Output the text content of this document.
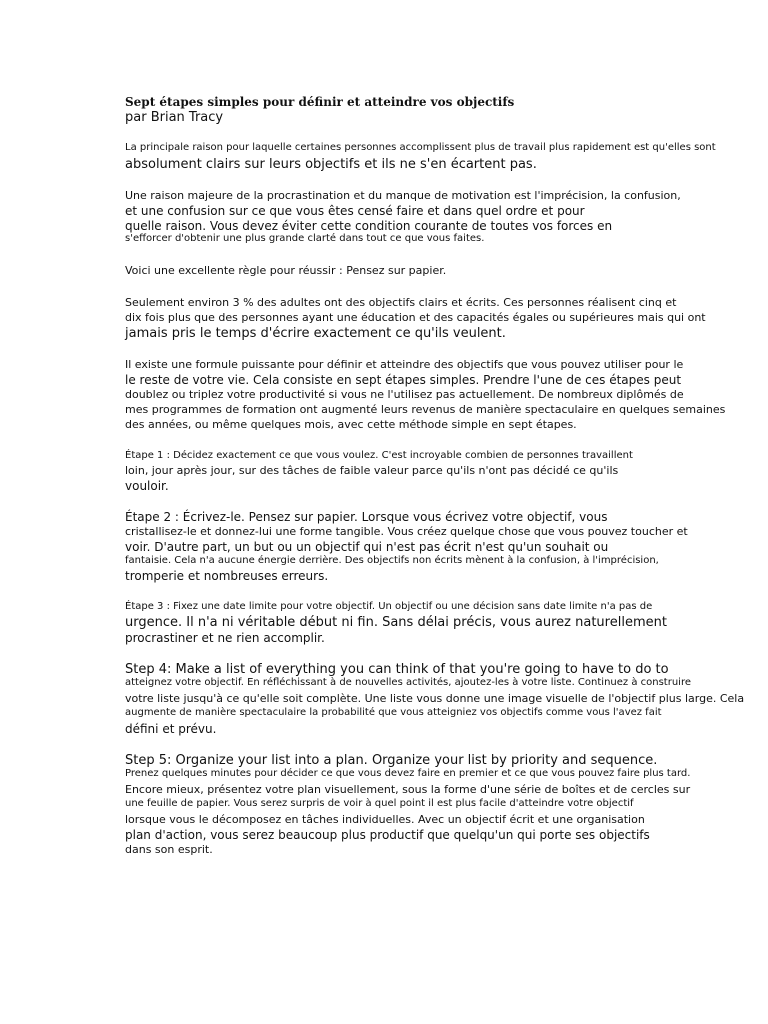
Sept étapes simples pour définir et atteindre vos objectifs

par Brian Tracy

La principale raison pour laquelle certaines personnes accomplissent plus de travail plus rapidement est qu'elles sont

absolument clairs sur leurs objectifs et ils ne s'en écartent pas.

Une raison majeure de la procrastination et du manque de motivation est l'imprécision, la confusion,

et une confusion sur ce que vous êtes censé faire et dans quel ordre et pour

quelle raison. Vous devez éviter cette condition courante de toutes vos forces en

s'efforcer d'obtenir une plus grande clarté dans tout ce que vous faites.

Voici une excellente règle pour réussir : Pensez sur papier.

Seulement environ 3 % des adultes ont des objectifs clairs et écrits. Ces personnes réalisent cinq et

dix fois plus que des personnes ayant une éducation et des capacités égales ou supérieures mais qui ont

jamais pris le temps d'écrire exactement ce qu'ils veulent.

Il existe une formule puissante pour définir et atteindre des objectifs que vous pouvez utiliser pour le

le reste de votre vie. Cela consiste en sept étapes simples. Prendre l'une de ces étapes peut

doublez ou triplez votre productivité si vous ne l'utilisez pas actuellement. De nombreux diplômés de

mes programmes de formation ont augmenté leurs revenus de manière spectaculaire en quelques semaines

des années, ou même quelques mois, avec cette méthode simple en sept étapes.

Étape 1 : Décidez exactement ce que vous voulez. C'est incroyable combien de personnes travaillent

loin, jour après jour, sur des tâches de faible valeur parce qu'ils n'ont pas décidé ce qu'ils

vouloir.

Étape 2 : Écrivez-le. Pensez sur papier. Lorsque vous écrivez votre objectif, vous

cristallisez-le et donnez-lui une forme tangible. Vous créez quelque chose que vous pouvez toucher et

voir. D'autre part, un but ou un objectif qui n'est pas écrit n'est qu'un souhait ou

fantaisie. Cela n'a aucune énergie derrière. Des objectifs non écrits mènent à la confusion, à l'imprécision,

tromperie et nombreuses erreurs.

Étape 3 : Fixez une date limite pour votre objectif. Un objectif ou une décision sans date limite n'a pas de

urgence. Il n'a ni véritable début ni fin. Sans délai précis, vous aurez naturellement

procrastiner et ne rien accomplir.

Step 4: Make a list of everything you can think of that you're going to have to do to

atteignez votre objectif. En réfléchissant à de nouvelles activités, ajoutez-les à votre liste. Continuez à construire

votre liste jusqu'à ce qu'elle soit complète. Une liste vous donne une image visuelle de l'objectif plus large. Cela

augmente de manière spectaculaire la probabilité que vous atteigniez vos objectifs comme vous l'avez fait

défini et prévu.

Step 5: Organize your list into a plan. Organize your list by priority and sequence.

Prenez quelques minutes pour décider ce que vous devez faire en premier et ce que vous pouvez faire plus tard.

Encore mieux, présentez votre plan visuellement, sous la forme d'une série de boîtes et de cercles sur

une feuille de papier. Vous serez surpris de voir à quel point il est plus facile d'atteindre votre objectif

lorsque vous le décomposez en tâches individuelles. Avec un objectif écrit et une organisation

plan d'action, vous serez beaucoup plus productif que quelqu'un qui porte ses objectifs

dans son esprit.
